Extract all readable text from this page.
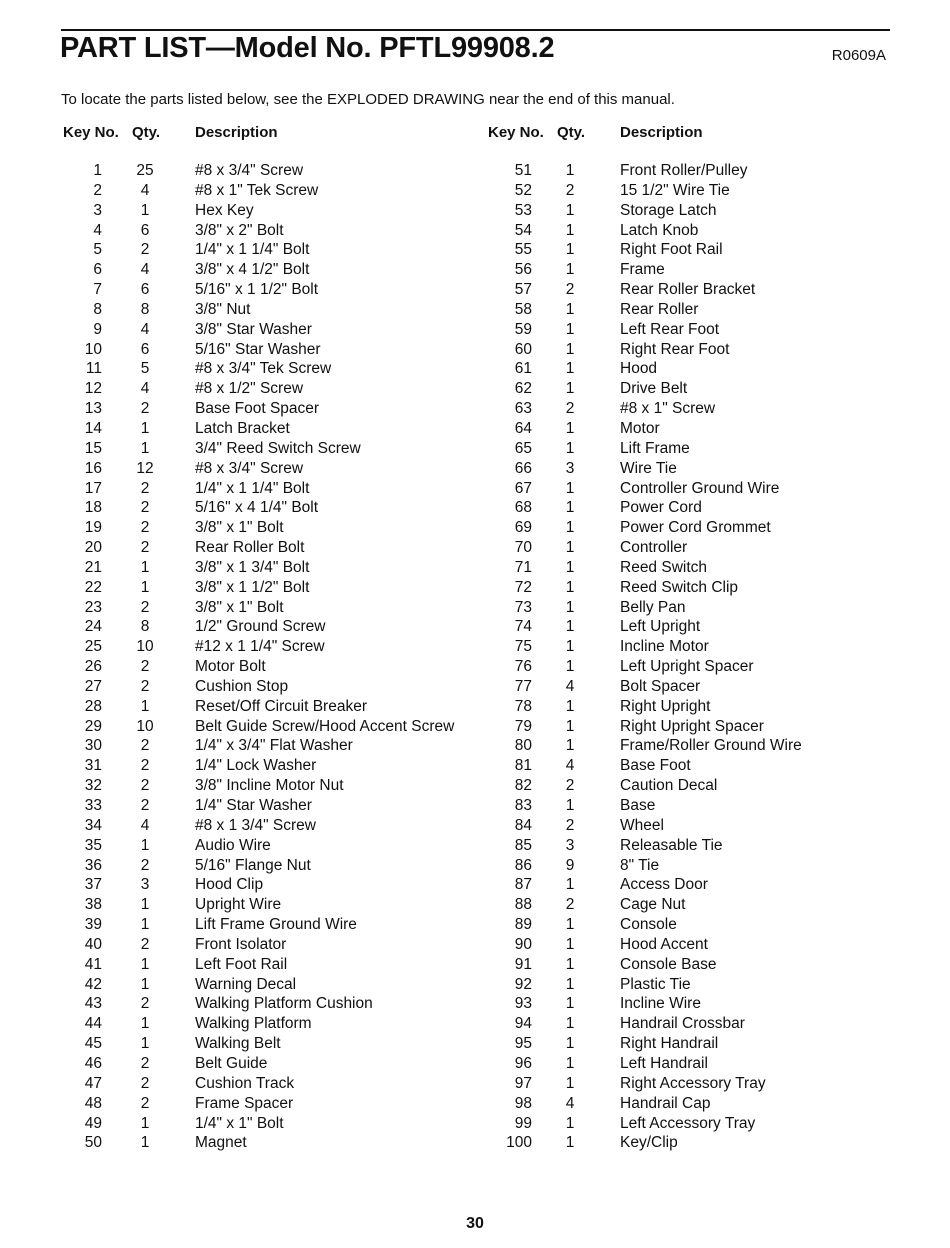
PART LIST—Model No. PFTL99908.2	R0609A
To locate the parts listed below, see the EXPLODED DRAWING near the end of this manual.
Key No. Qty. Description
1	25	#8 x 3/4" Screw
2	4	#8 x 1" Tek Screw
3	1	Hex Key
4	6	3/8" x 2" Bolt
5	2	1/4" x 1 1/4" Bolt
6	4	3/8" x 4 1/2" Bolt
7	6	5/16" x 1 1/2" Bolt
8	8	3/8" Nut
9	4	3/8" Star Washer
10	6	5/16" Star Washer
11	5	#8 x 3/4" Tek Screw
12	4	#8 x 1/2" Screw
13	2	Base Foot Spacer
14	1	Latch Bracket
15	1	3/4" Reed Switch Screw
16	12	#8 x 3/4" Screw
17	2	1/4" x 1 1/4" Bolt
18	2	5/16" x 4 1/4" Bolt
19	2	3/8" x 1" Bolt
20	2	Rear Roller Bolt
21	1	3/8" x 1 3/4" Bolt
22	1	3/8" x 1 1/2" Bolt
23	2	3/8" x 1" Bolt
24	8	1/2" Ground Screw
25	10	#12 x 1 1/4" Screw
26	2	Motor Bolt
27	2	Cushion Stop
28	1	Reset/Off Circuit Breaker
29	10	Belt Guide Screw/Hood Accent Screw
30	2	1/4" x 3/4" Flat Washer
31	2	1/4" Lock Washer
32	2	3/8" Incline Motor Nut
33	2	1/4" Star Washer
34	4	#8 x 1 3/4" Screw
35	1	Audio Wire
36	2	5/16" Flange Nut
37	3	Hood Clip
38	1	Upright Wire
39	1	Lift Frame Ground Wire
40	2	Front Isolator
41	1	Left Foot Rail
42	1	Warning Decal
43	2	Walking Platform Cushion
44	1	Walking Platform
45	1	Walking Belt
46	2	Belt Guide
47	2	Cushion Track
48	2	Frame Spacer
49	1	1/4" x 1" Bolt
50	1	Magnet
Key No. Qty. Description
51	1	Front Roller/Pulley
52	2	15 1/2" Wire Tie
53	1	Storage Latch
54	1	Latch Knob
55	1	Right Foot Rail
56	1	Frame
57	2	Rear Roller Bracket
58	1	Rear Roller
59	1	Left Rear Foot
60	1	Right Rear Foot
61	1	Hood
62	1	Drive Belt
63	2	#8 x 1" Screw
64	1	Motor
65	1	Lift Frame
66	3	Wire Tie
67	1	Controller Ground Wire
68	1	Power Cord
69	1	Power Cord Grommet
70	1	Controller
71	1	Reed Switch
72	1	Reed Switch Clip
73	1	Belly Pan
74	1	Left Upright
75	1	Incline Motor
76	1	Left Upright Spacer
77	4	Bolt Spacer
78	1	Right Upright
79	1	Right Upright Spacer
80	1	Frame/Roller Ground Wire
81	4	Base Foot
82	2	Caution Decal
83	1	Base
84	2	Wheel
85	3	Releasable Tie
86	9	8" Tie
87	1	Access Door
88	2	Cage Nut
89	1	Console
90	1	Hood Accent
91	1	Console Base
92	1	Plastic Tie
93	1	Incline Wire
94	1	Handrail Crossbar
95	1	Right Handrail
96	1	Left Handrail
97	1	Right Accessory Tray
98	4	Handrail Cap
99	1	Left Accessory Tray
100	1	Key/Clip
30
